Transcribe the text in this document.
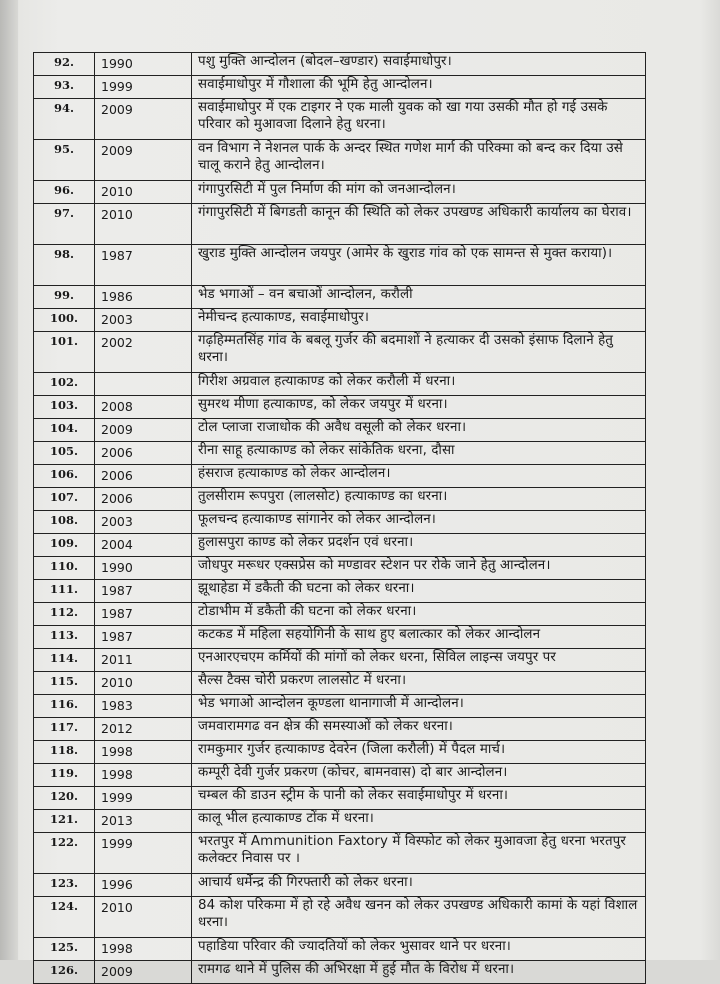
92.	1990	पशु मुक्ति आन्दोलन (बोदल–खण्डार) सवाईमाधोपुर।
93.	1999	सवाईमाधोपुर में गौशाला की भूमि हेतु आन्दोलन।
94.	2009	सवाईमाधोपुर में एक टाइगर ने एक माली युवक को खा गया उसकी मौत हो गई उसके परिवार को मुआवजा दिलाने हेतु धरना।
95.	2009	वन विभाग ने नेशनल पार्क के अन्दर स्थित गणेश मार्ग की परिक्मा को बन्द कर दिया उसे चालू कराने हेतु आन्दोलन।
96.	2010	गंगापुरसिटी में पुल निर्माण की मांग को जनआन्दोलन।
97.	2010	गंगापुरसिटी में बिगडती कानून की स्थिति को लेकर उपखण्ड अधिकारी कार्यालय का घेराव।
98.	1987	खुराड मुक्ति आन्दोलन जयपुर (आमेर के खुराड गांव को एक सामन्त से मुक्त कराया)।
99.	1986	भेड भगाओं – वन बचाओं आन्दोलन, करौली
100.	2003	नेमीचन्द हत्याकाण्ड, सवाईमाधोपुर।
101.	2002	गढ़हिम्मतसिंह गांव के बबलू गुर्जर की बदमाशों ने हत्याकर दी उसको इंसाफ दिलाने हेतु धरना।
102.		गिरीश अग्रवाल हत्याकाण्ड को लेकर करौली में धरना।
103.	2008	सुमरथ मीणा हत्याकाण्ड, को लेकर जयपुर में धरना।
104.	2009	टोल प्लाजा राजाधोक की अवैध वसूली को लेकर धरना।
105.	2006	रीना साहू हत्याकाण्ड को लेकर सांकेतिक धरना, दौसा
106.	2006	हंसराज हत्याकाण्ड को लेकर आन्दोलन।
107.	2006	तुलसीराम रूपपुरा (लालसोट) हत्याकाण्ड का धरना।
108.	2003	फूलचन्द हत्याकाण्ड सांगानेर को लेकर आन्दोलन।
109.	2004	हुलासपुरा काण्ड को लेकर प्रदर्शन एवं धरना।
110.	1990	जोधपुर मरूधर एक्सप्रेस को मण्डावर स्टेशन पर रोके जाने हेतु आन्दोलन।
111.	1987	झूथाहेडा में डकैती की घटना को लेकर धरना।
112.	1987	टोडाभीम में डकैती की घटना को लेकर धरना।
113.	1987	कटकड में महिला सहयोगिनी के साथ हुए बलात्कार को लेकर आन्दोलन
114.	2011	एनआरएचएम कर्मियों की मांगों को लेकर धरना, सिविल लाइन्स जयपुर पर
115.	2010	सैल्स टैक्स चोरी प्रकरण लालसोट में धरना।
116.	1983	भेड भगाओ आन्दोलन कूण्डला थानागाजी में आन्दोलन।
117.	2012	जमवारामगढ वन क्षेत्र की समस्याओं को लेकर धरना।
118.	1998	रामकुमार गुर्जर हत्याकाण्ड देवरेन (जिला करौली) में पैदल मार्च।
119.	1998	कम्पूरी देवी गुर्जर प्रकरण (कोचर, बामनवास) दो बार आन्दोलन।
120.	1999	चम्बल की डाउन स्ट्रीम के पानी को लेकर सवाईमाधोपुर में धरना।
121.	2013	कालू भील हत्याकाण्ड टोंक में धरना।
122.	1999	भरतपुर में Ammunition Faxtory में विस्फोट को लेकर मुआवजा हेतु धरना भरतपुर कलेक्टर निवास पर ।
123.	1996	आचार्य धर्मेन्द्र की गिरफ्तारी को लेकर धरना।
124.	2010	84 कोश परिकमा में हो रहे अवैध खनन को लेकर उपखण्ड अधिकारी कामां के यहां विशाल धरना।
125.	1998	पहाडिया परिवार की ज्यादतियों को लेकर भुसावर थाने पर धरना।
126.	2009	रामगढ थाने में पुलिस की अभिरक्षा में हुई मौत के विरोध में धरना।
